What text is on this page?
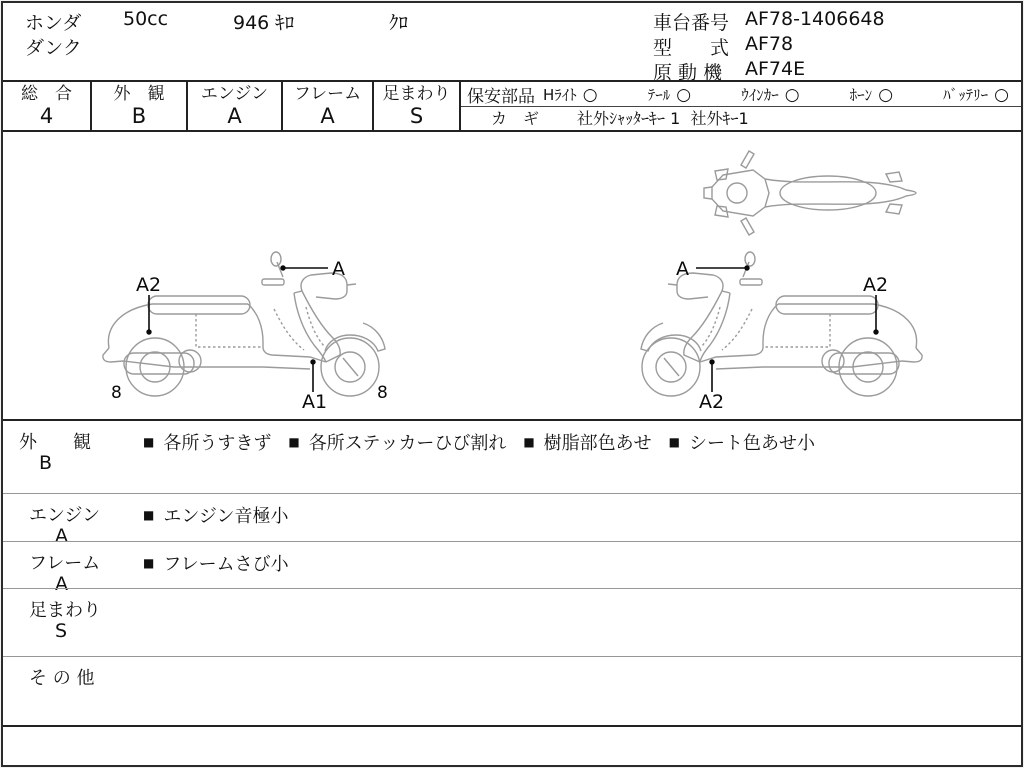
ホンダ 50cc	946 ｷﾛ	ｸﾛ
ダンク
車台番号 AF78-1406648
型　　式 AF78
原 動 機	AF74E
総　合
4
外　観
B
エンジン
A
フレーム
A
足まわり
S
保安部品 Hﾗｲﾄ ○	ﾃｰﾙ ○	ｳｲﾝｶｰ ○	ﾎｰﾝ ○	ﾊﾞｯﾃﾘｰ ○
カ　ギ 社外ｼｬｯﾀｰｷｰ 1  社外ｷｰ1
A2
A
A1
8	8
A
A2
A2
外　　観
B
■ 各所うすきず ■ 各所ステッカーひび割れ ■ 樹脂部色あせ ■ シート色あせ小
エンジン
A
■ エンジン音極小
フレーム
A
■ フレームさび小
足まわり
S
そ の 他
